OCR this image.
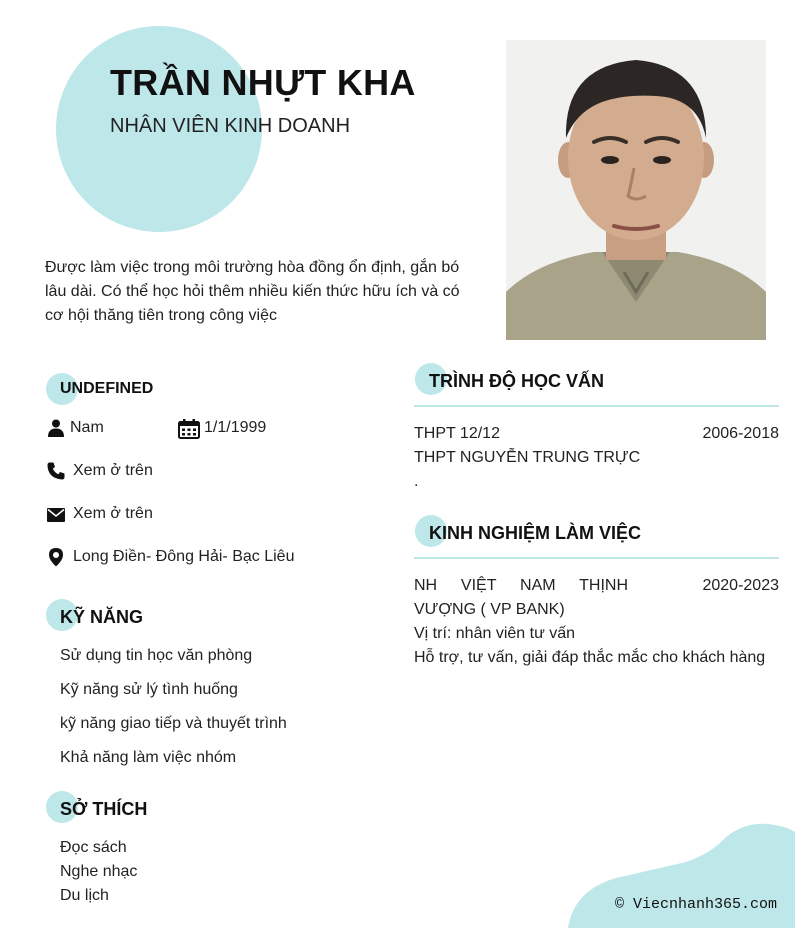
TRẦN NHỰT KHA
NHÂN VIÊN KINH DOANH
Được làm việc trong môi trường hòa đồng ổn định, gắn bó lâu dài. Có thể học hỏi thêm nhiều kiến thức hữu ích và có cơ hội thăng tiên trong công việc
UNDEFINED
Nam	1/1/1999
Xem ở trên
Xem ở trên
Long Điền- Đông Hải- Bạc Liêu
KỸ NĂNG
Sử dụng tin học văn phòng
Kỹ năng sử lý tình huống
kỹ năng giao tiếp và thuyết trình
Khả năng làm việc nhóm
SỞ THÍCH
Đọc sách
Nghe nhạc
Du lịch
TRÌNH ĐỘ HỌC VẤN
THPT 12/12	2006-2018
THPT NGUYỄN TRUNG TRỰC
.
KINH NGHIỆM LÀM VIỆC
NH VIỆT NAM THỊNH	2020-2023
VƯỢNG ( VP BANK)
Vị trí: nhân viên tư vấn
Hỗ trợ, tư vấn, giải đáp thắc mắc cho khách hàng
© Viecnhanh365.com
